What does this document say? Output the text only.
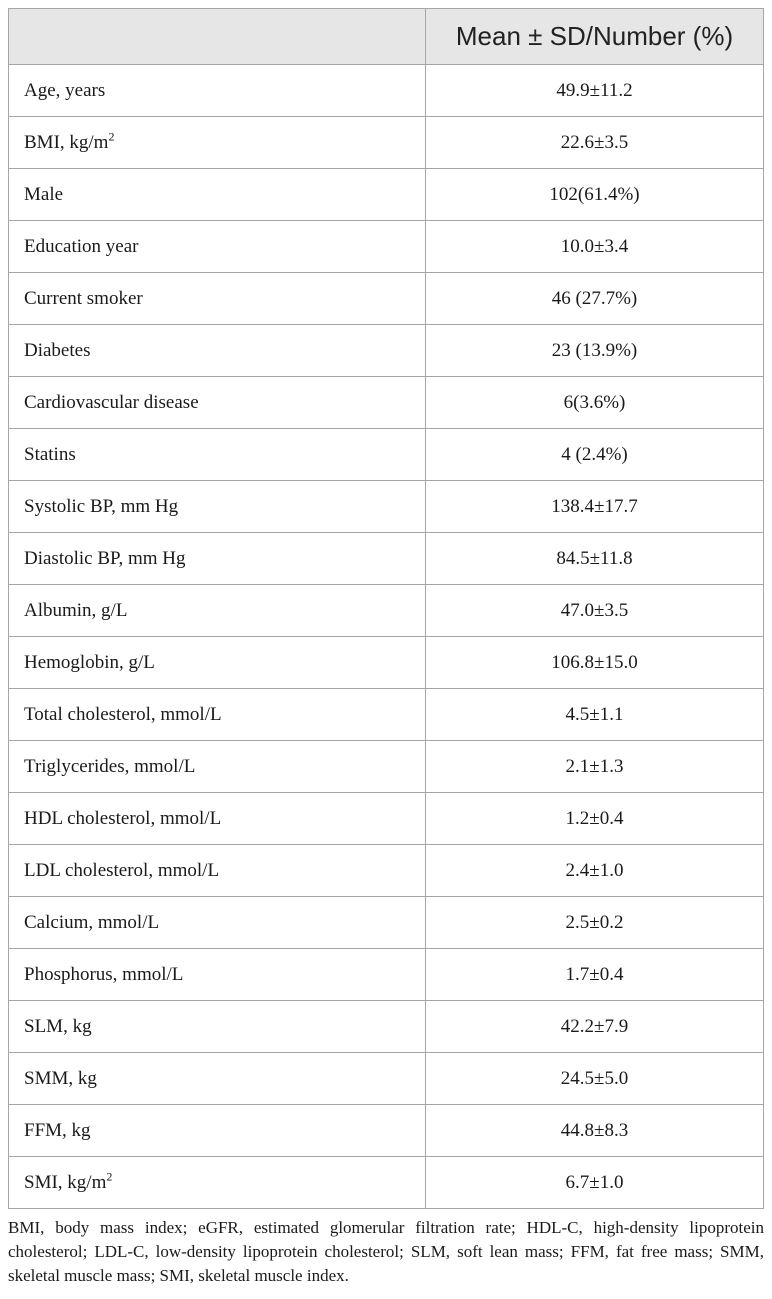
	Mean ± SD/Number (%)
Age, years	49.9±11.2
BMI, $kg/m^2$	22.6±3.5
Male	102(61.4%)
Education year	10.0±3.4
Current smoker	46 (27.7%)
Diabetes	23 (13.9%)
Cardiovascular disease	6(3.6%)
Statins	4 (2.4%)
Systolic BP, mm Hg	138.4±17.7
Diastolic BP, mm Hg	84.5±11.8
Albumin, g/L	47.0±3.5
Hemoglobin, g/L	106.8±15.0
Total cholesterol, mmol/L	4.5±1.1
Triglycerides, mmol/L	2.1±1.3
HDL cholesterol, mmol/L	1.2±0.4
LDL cholesterol, mmol/L	2.4±1.0
Calcium, mmol/L	2.5±0.2
Phosphorus, mmol/L	1.7±0.4
SLM, kg	42.2±7.9
SMM, kg	24.5±5.0
FFM, kg	44.8±8.3
SMI, $kg/m^2$	6.7±1.0
BMI, body mass index; eGFR, estimated glomerular filtration rate; HDL-C, high-density lipoprotein cholesterol; LDL-C, low-density lipoprotein cholesterol; SLM, soft lean mass; FFM, fat free mass; SMM, skeletal muscle mass; SMI, skeletal muscle index.
